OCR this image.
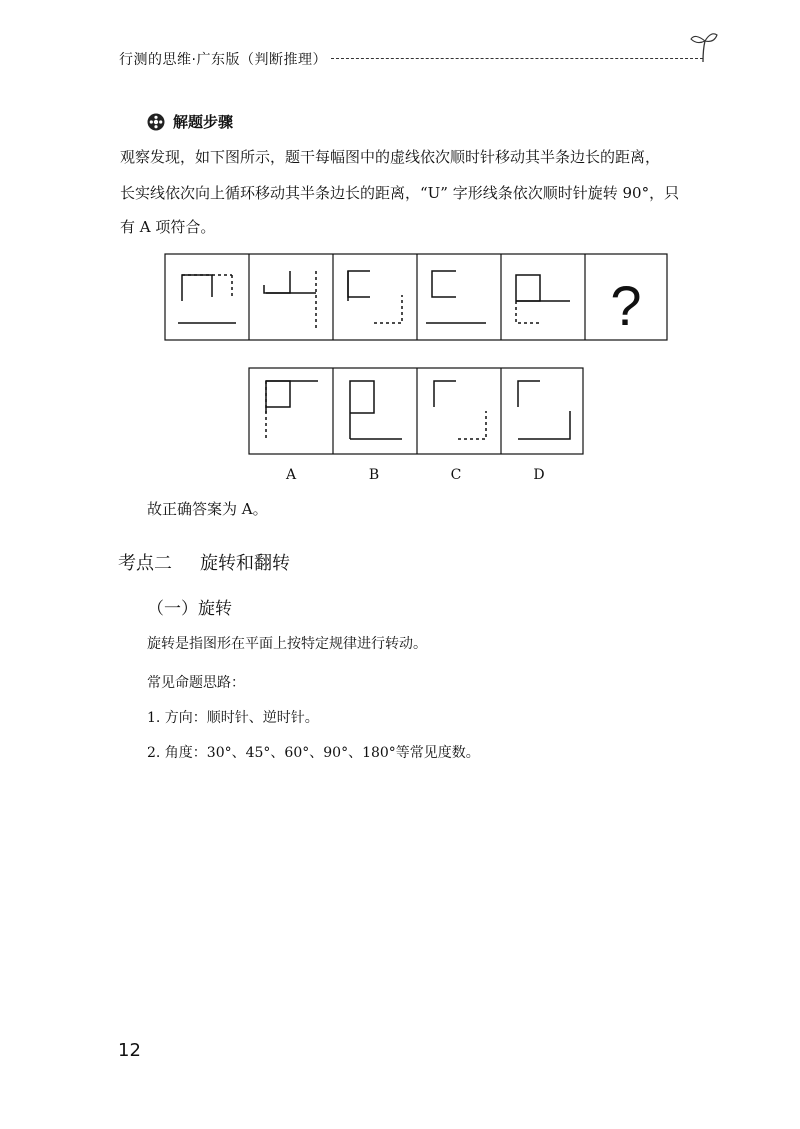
行测的思维·广东版（判断推理）
解题步骤
观察发现，如下图所示，题干每幅图中的虚线依次顺时针移动其半条边长的距离，
长实线依次向上循环移动其半条边长的距离，“U” 字形线条依次顺时针旋转 90°，只
有 A 项符合。
?
A	B	C	D
故正确答案为 A。
考点二 旋转和翻转
（一）旋转
旋转是指图形在平面上按特定规律进行转动。
常见命题思路：
1. 方向：顺时针、逆时针。
2. 角度：30°、45°、60°、90°、180°等常见度数。
12
